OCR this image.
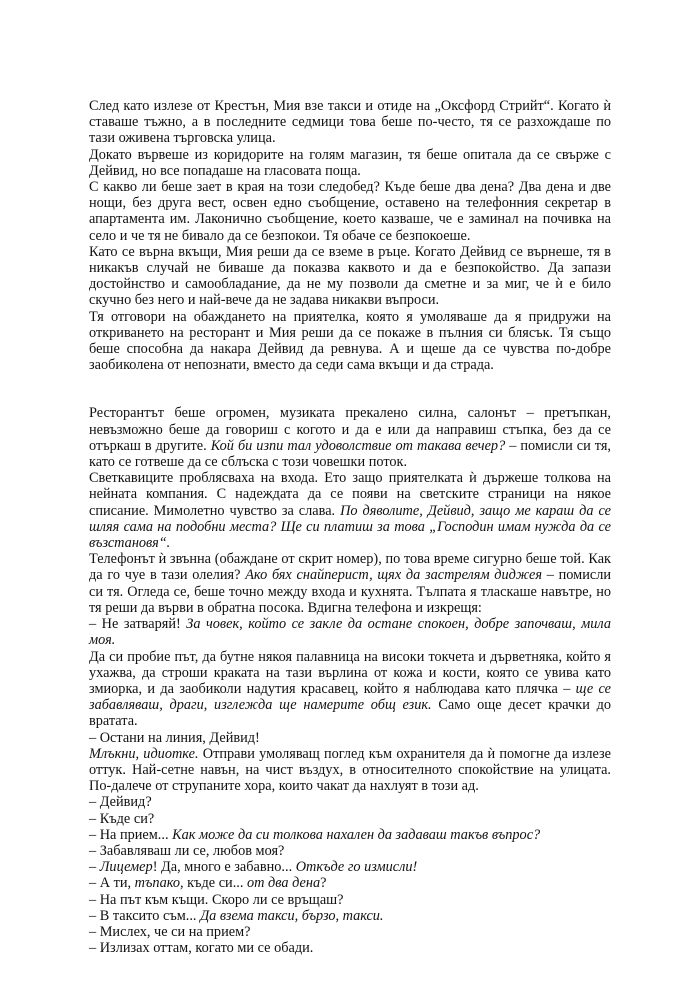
След като излезе от Крестън, Мия взе такси и отиде на „Оксфорд Стрийт“. Когато ѝ ставаше тъжно, а в последните седмици това беше по-често, тя се разхождаше по тази оживена търговска улица.

Докато вървеше из коридорите на голям магазин, тя беше опитала да се свърже с Дейвид, но все попадаше на гласовата поща.

С какво ли беше зает в края на този следобед? Къде беше два дена? Два дена и две нощи, без друга вест, освен едно съобщение, оставено на телефонния секретар в апартамента им. Лаконично съобщение, което казваше, че е заминал на почивка на село и че тя не бивало да се безпокои. Тя обаче се безпокоеше.

Като се върна вкъщи, Мия реши да се вземе в ръце. Когато Дейвид се върнеше, тя в никакъв случай не биваше да показва каквото и да е безпокойство. Да запази достойнство и самообладание, да не му позволи да сметне и за миг, че ѝ е било скучно без него и най-вече да не задава никакви въпроси.

Тя отговори на обаждането на приятелка, която я умоляваше да я придружи на откриването на ресторант и Мия реши да се покаже в пълния си блясък. Тя също беше способна да накара Дейвид да ревнува. А и щеше да се чувства по-добре заобиколена от непознати, вместо да седи сама вкъщи и да страда.

Ресторантът беше огромен, музиката прекалено силна, салонът – претъпкан, невъзможно беше да говориш с когото и да е или да направиш стъпка, без да се отъркаш в другите. Кой би изпи тал удоволствие от такава вечер? – помисли си тя, като се готвеше да се сблъска с този човешки поток.

Светкавиците проблясваха на входа. Ето защо приятелката ѝ държеше толкова на нейната компания. С надеждата да се появи на светските страници на някое списание. Мимолетно чувство за слава. По дяволите, Дейвид, защо ме караш да се шляя сама на подобни места? Ще си платиш за това „Господин имам нужда да се възстановя“.

Телефонът ѝ звънна (обаждане от скрит номер), по това време сигурно беше той. Как да го чуе в тази олелия? Ако бях снайперист, щях да застрелям диджея – помисли си тя. Огледа се, беше точно между входа и кухнята. Тълпата я тласкаше навътре, но тя реши да върви в обратна посока. Вдигна телефона и изкрещя:

– Не затваряй! За човек, който се закле да остане спокоен, добре започваш, мила моя.

Да си пробие път, да бутне някоя палавница на високи токчета и дърветняка, който я ухажва, да строши краката на тази върлина от кожа и кости, която се увива като змиорка, и да заобиколи надутия красавец, който я наблюдава като плячка – ще се забавляваш, драги, изглежда ще намерите общ език. Само още десет крачки до вратата.

– Остани на линия, Дейвид!

Млъкни, идиотке. Отправи умоляващ поглед към охранителя да ѝ помогне да излезе оттук. Най-сетне навън, на чист въздух, в относителното спокойствие на улицата. По-далече от струпаните хора, които чакат да нахлуят в този ад.

– Дейвид?

– Къде си?

– На прием... Как може да си толкова нахален да задаваш такъв въпрос?

– Забавляваш ли се, любов моя?

– Лицемер! Да, много е забавно... Откъде го измисли!

– А ти, тъпако, къде си... от два дена?

– На път към къщи. Скоро ли се връщаш?

– В таксито съм... Да взема такси, бързо, такси.

– Мислех, че си на прием?

– Излизах оттам, когато ми се обади.
